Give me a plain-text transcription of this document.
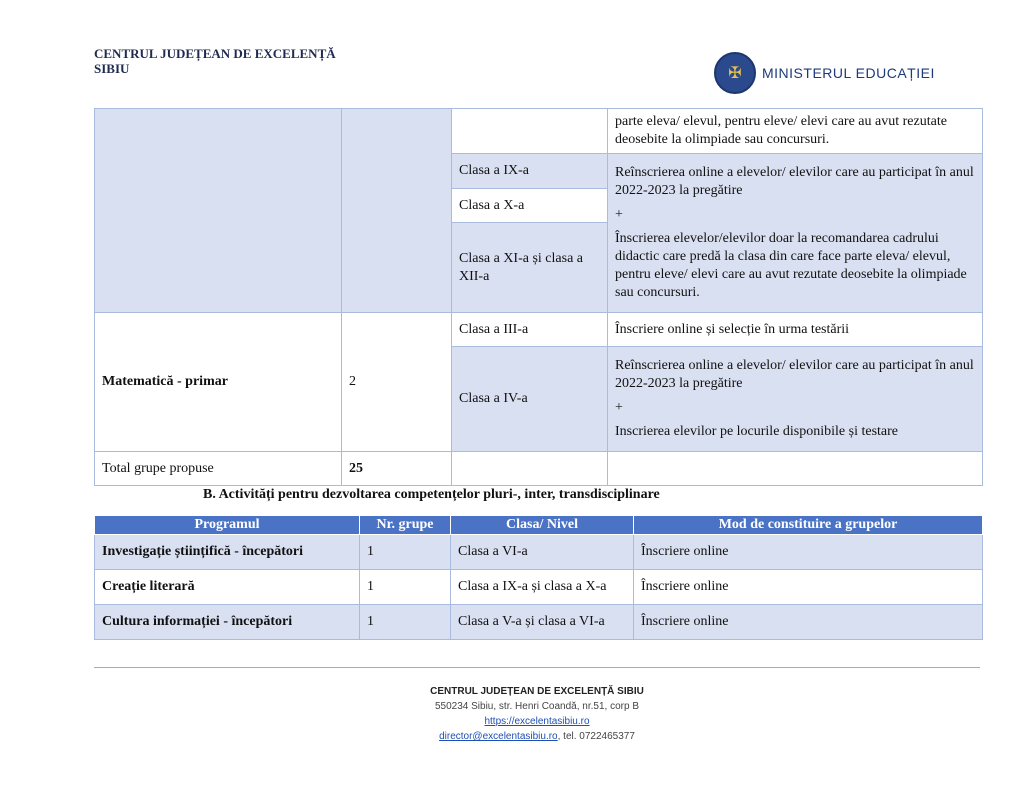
CENTRUL JUDEȚEAN DE EXCELENȚĂ
SIBIU	✠	MINISTERUL EDUCAȚIEI
			parte eleva/ elevul, pentru eleve/ elevi care au avut rezutate deosebite la olimpiade sau concursuri.
		Clasa a IX-a	Reînscrierea online a elevelor/ elevilor care au participat în anul 2022-2023 la pregătire
+
Înscrierea elevelor/elevilor doar la recomandarea cadrului didactic care predă la clasa din care face parte eleva/ elevul, pentru eleve/ elevi care au avut rezutate deosebite la olimpiade sau concursuri.

		Clasa a X-a	
		Clasa a XI-a și clasa a XII-a	
Matematică - primar	2	Clasa a III-a	Înscriere online și selecție în urma testării
		Clasa a IV-a	Reînscrierea online a elevelor/ elevilor care au participat în anul 2022-2023 la pregătire
+
Inscrierea elevilor pe locurile disponibile și testare

Total grupe propuse	25		
B. Activități pentru dezvoltarea competențelor pluri-, inter, transdisciplinare
Programul	Nr. grupe	Clasa/ Nivel	Mod de constituire a grupelor
Investigație științifică - începători	1	Clasa a VI-a	Înscriere online
Creație literară	1	Clasa a IX-a și clasa a X-a	Înscriere online
Cultura informației - începători	1	Clasa a V-a și clasa a VI-a	Înscriere online
CENTRUL JUDEȚEAN DE EXCELENȚĂ SIBIU
550234 Sibiu, str. Henri Coandă, nr.51, corp B
https://excelentasibiu.ro
director@excelentasibiu.ro, tel. 0722465377
